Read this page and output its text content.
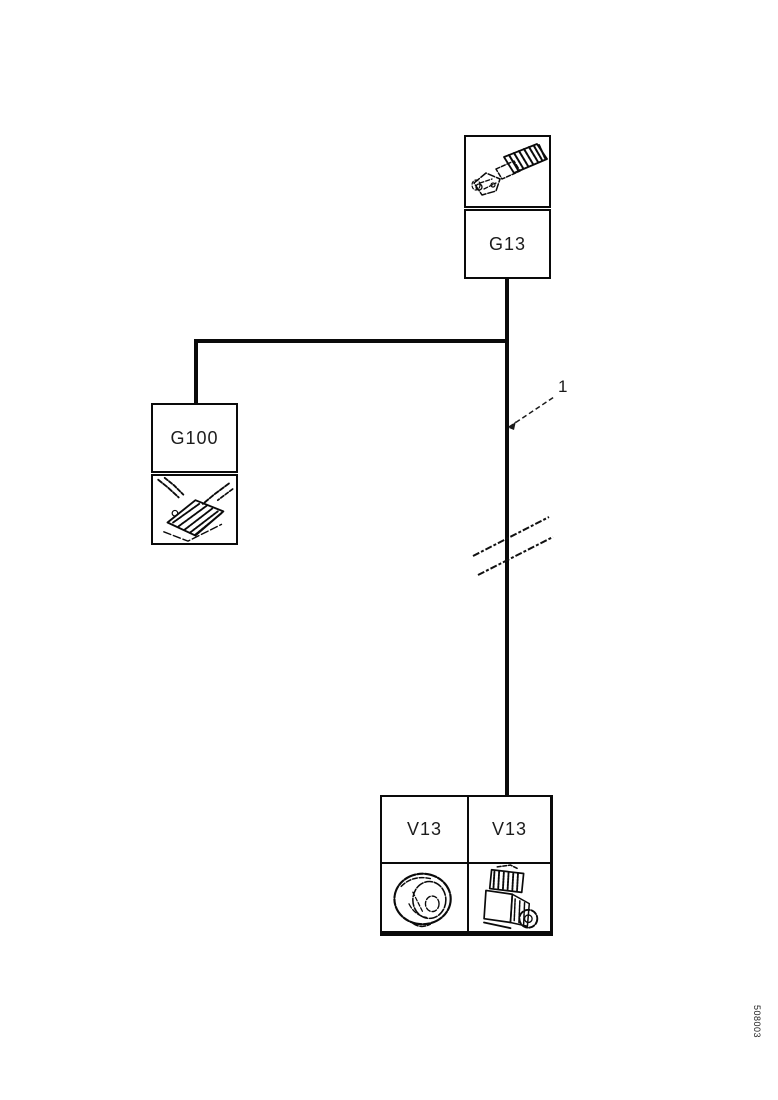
G13
G100
V13	V13
1
508003
